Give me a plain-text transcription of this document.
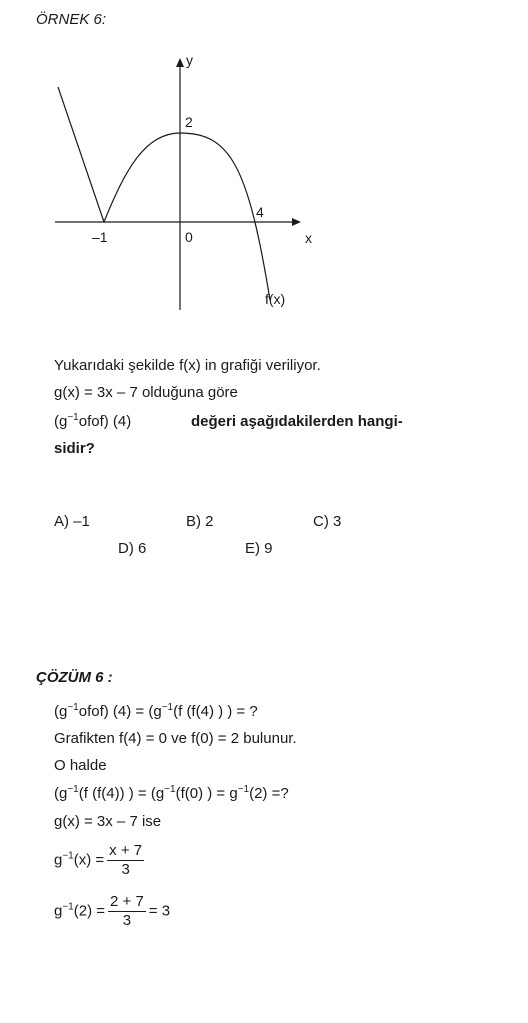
ÖRNEK 6:
y
x
2
4
–1	0
f(x)
Yukarıdaki şekilde f(x) in grafiği veriliyor.
g(x) = 3x – 7 olduğuna göre
$(g^{-1}ofof)$ (4)	değeri aşağıdakilerden hangi-
sidir?
A) –1	B) 2	C) 3
D) 6	E) 9
ÇÖZÜM 6 :
$(g^{-1}ofof) (4) = (g^{-1}(f$ (f(4) ) ) = ?
Grafikten f(4) = 0 ve f(0) = 2 bulunur.
O halde
($g^{-1}(f$ (f(4)) ) = ($g^{-1}(f(0)$ ) = $g^{-1}(2)$ =?
g(x) = 3x – 7 ise
$g^{-1}(x) = \frac{x + 7}{3}$
$g^{-1}(2) = \frac{2 + 7}{3} = 3$
